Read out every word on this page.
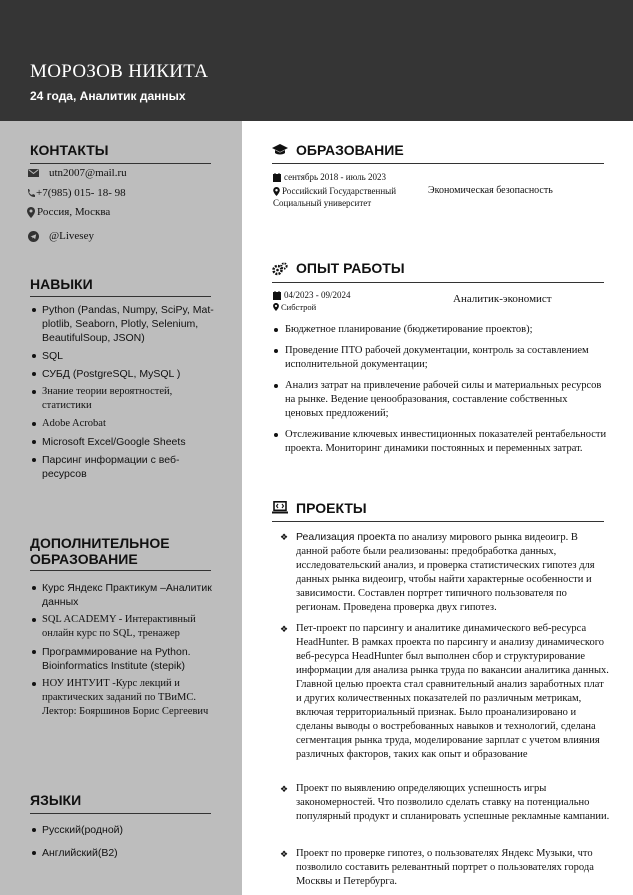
МОРОЗОВ НИКИТА
24 года, Аналитик данных
КОНТАКТЫ
utn2007@mail.ru
+7(985) 015- 18- 98
Россия, Москва
@Livesey
НАВЫКИ
Python (Pandas, Numpy, SciPy, Mat-plotlib, Seaborn, Plotly, Selenium, BeautifulSoup, JSON)
SQL
СУБД (PostgreSQL, MySQL )
Знание теории вероятностей, статистики
Adobe Acrobat
Microsoft Excel/Google Sheets
Парсинг информации с веб-ресурсов
ДОПОЛНИТЕЛЬНОЕ
ОБРАЗОВАНИЕ
Курс Яндекс Практикум –Аналитик данных
SQL ACADEMY - Интерактивный онлайн курс по SQL, тренажер
Программирование на Python. Bioinformatics Institute (stepik)
НОУ ИНТУИТ -Курс лекций и практических заданий по ТВиМС. Лектор: Бояршинов Борис Сергеевич
ЯЗЫКИ
Русский(родной)
Английский(B2)
ОБРАЗОВАНИЕ
сентябрь 2018 - июль 2023
Российский Государственный
Социальный университет
Экономическая безопасность
ОПЫТ РАБОТЫ
04/2023 - 09/2024
Сибстрой
Аналитик-экономист
Бюджетное планирование (бюджетирование проектов);
Проведение ПТО рабочей документации, контроль за составлением исполнительной документации;
Анализ затрат на привлечение рабочей силы и материальных ресурсов на рынке. Ведение ценообразования, составление собственных ценовых предложений;
Отслеживание ключевых инвестиционных показателей рентабельности проекта. Мониторинг динамики постоянных и переменных затрат.
ПРОЕКТЫ
❖ Реализация проекта по анализу мирового рынка видеоигр. В данной работе были реализованы: предобработка данных, исследовательский анализ, и проверка статистических гипотез для данных рынка видеоигр, чтобы найти характерные особенности и зависимости. Составлен портрет типичного пользователя по регионам. Проведена проверка двух гипотез.
❖ Пет-проект по парсингу и аналитике динамического веб-ресурса HeadHunter. В рамках проекта по парсингу и анализу динамического веб-ресурса HeadHunter был выполнен сбор и структурирование информации для анализа рынка труда по вакансии аналитика данных. Главной целью проекта стал сравнительный анализ заработных плат и других количественных показателей по различным метрикам, включая территориальный признак. Было проанализировано и сделаны выводы о востребованных навыков и технологий, сделана сегментация рынка труда, моделирование зарплат с учетом влияния различных факторов, таких как опыт и образование
❖ Проект по выявлению определяющих успешность игры закономерностей. Что позволило сделать ставку на потенциально популярный продукт и спланировать успешные рекламные кампании.
❖ Проект по проверке гипотез, о пользователях Яндекс Музыки, что позволило составить релевантный портрет о пользователях города Москвы и Петербурга.
